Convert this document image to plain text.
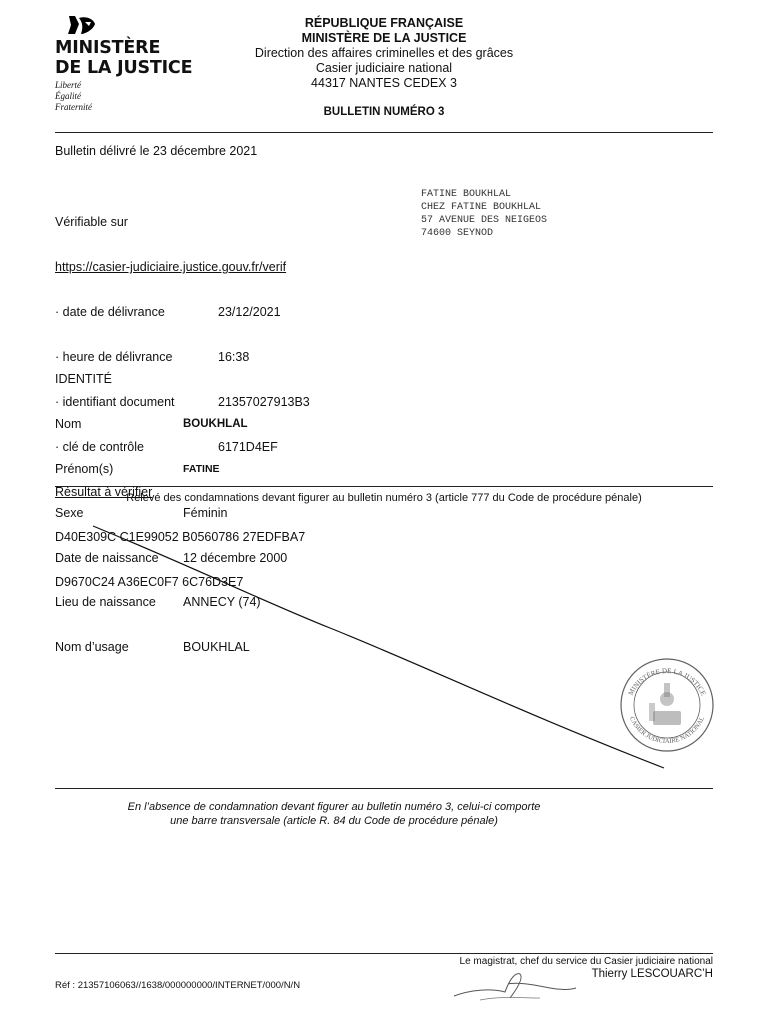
MINISTÈRE
DE LA JUSTICE
Liberté
Égalité
Fraternité
RÉPUBLIQUE FRANÇAISE
MINISTÈRE DE LA JUSTICE
Direction des affaires criminelles et des grâces
Casier judiciaire national
44317 NANTES CEDEX 3
BULLETIN NUMÉRO 3
Bulletin délivré le 23 décembre 2021

Vérifiable sur

https://casier-judiciaire.justice.gouv.fr/verif

· date de délivrance	23/12/2021

· heure de délivrance	16:38

· identifiant document	21357027913B3

· clé de contrôle	6171D4EF

Résultat à vérifier

D40E309C C1E99052 B0560786 27EDFBA7

D9670C24 A36EC0F7 6C76D3E7

FATINE BOUKHLAL
CHEZ FATINE BOUKHLAL
57 AVENUE DES NEIGEOS
74600 SEYNOD

IDENTITÉ

Nom	BOUKHLAL

Prénom(s)	FATINE

Sexe	Féminin

Date de naissance	12 décembre 2000

Lieu de naissance	ANNECY (74)

Nom d’usage	BOUKHLAL

Relevé des condamnations devant figurer au bulletin numéro 3 (article 777 du Code de procédure pénale)
MINISTÈRE DE LA JUSTICE
CASIER JUDICIAIRE NATIONAL
En l’absence de condamnation devant figurer au bulletin numéro 3, celui-ci comporte
une barre transversale (article R. 84 du Code de procédure pénale)
Le magistrat, chef du service du Casier judiciaire national
Thierry LESCOUARC’H
Réf : 21357106063//1638/000000000/INTERNET/000/N/N
